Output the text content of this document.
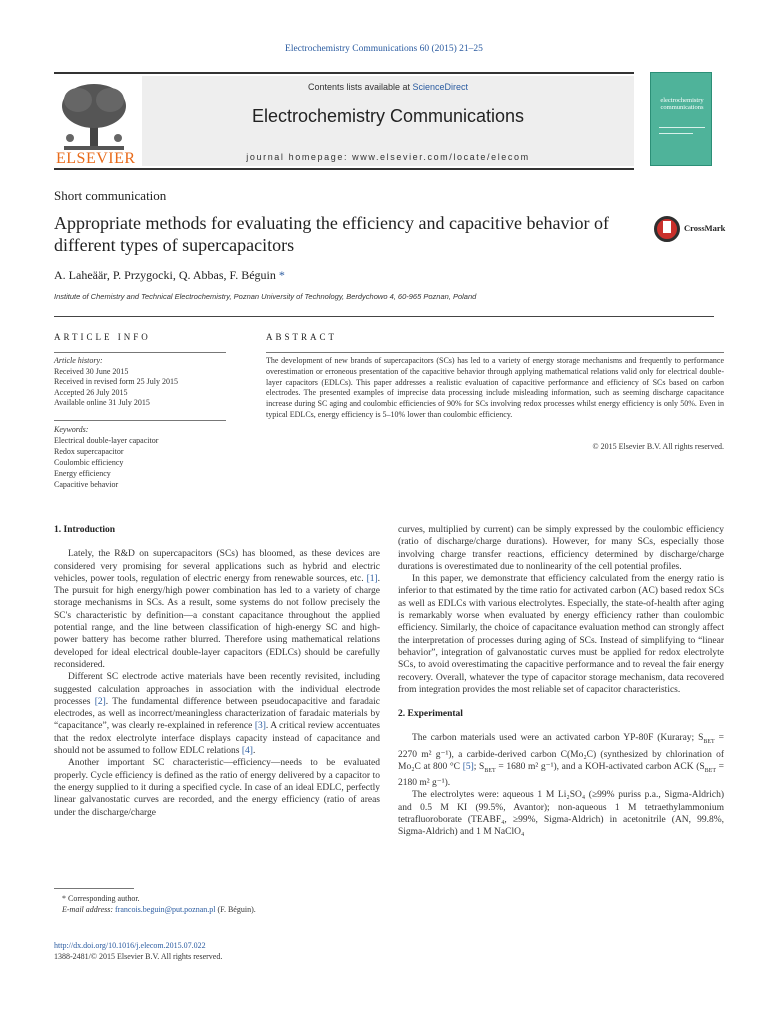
Electrochemistry Communications 60 (2015) 21–25
ELSEVIER
Contents lists available at ScienceDirect
Electrochemistry Communications
journal homepage: www.elsevier.com/locate/elecom
electrochemistry communications
Short communication
Appropriate methods for evaluating the efficiency and capacitive behavior of different types of supercapacitors
CrossMark
A. Laheäär, P. Przygocki, Q. Abbas, F. Béguin *
Institute of Chemistry and Technical Electrochemistry, Poznan University of Technology, Berdychowo 4, 60-965 Poznan, Poland
ARTICLE INFO	ABSTRACT
Article history:
Received 30 June 2015
Received in revised form 25 July 2015
Accepted 26 July 2015
Available online 31 July 2015
Keywords:
Electrical double-layer capacitor
Redox supercapacitor
Coulombic efficiency
Energy efficiency
Capacitive behavior
The development of new brands of supercapacitors (SCs) has led to a variety of energy storage mechanisms and frequently to performance overestimation or erroneous presentation of the capacitive behavior through applying mathematical relations valid only for electrical double-layer capacitors (EDLCs). This paper addresses a realistic evaluation of capacitive performance and efficiency of SCs based on carbon electrodes. The presented examples of imprecise data processing include misleading information, such as seeming discharge capacitance increase during SC aging and coulombic efficiencies of 90% for SCs involving redox processes whilst energy efficiency is only 50%. Even in typical EDLCs, energy efficiency is 5–10% lower than coulombic efficiency.
© 2015 Elsevier B.V. All rights reserved.
1. Introduction

Lately, the R&D on supercapacitors (SCs) has bloomed, as these devices are considered very promising for several applications such as hybrid and electric vehicles, power tools, regulation of electric energy from renewable sources, etc. [1]. The pursuit for high energy/high power combination has led to a variety of charge storage mechanisms in SCs. As a result, some systems do not follow precisely the SC's characteristic by definition—a constant capacitance throughout the applied potential range, and the line between classification of high-energy SC and high-power battery has become rather blurred. Therefore using mathematical relations developed for ideal electrical double-layer capacitors (EDLCs) should be carefully reconsidered.

Different SC electrode active materials have been recently revisited, including suggested calculation approaches in association with the individual electrode processes [2]. The fundamental difference between pseudocapacitive and faradaic electrodes, as well as incorrect/meaningless characterization of faradaic materials by “capacitance”, was clearly re-explained in reference [3]. A critical review accentuates that the redox electrolyte interface displays capacity instead of capacitance and should not be assumed to follow EDLC relations [4].

Another important SC characteristic—efficiency—needs to be evaluated properly. Cycle efficiency is defined as the ratio of energy delivered by a capacitor to the energy supplied to it during a specified cycle. In case of an ideal EDLC, perfectly linear galvanostatic curves are recorded, and the energy efficiency (ratio of areas under the discharge/charge

curves, multiplied by current) can be simply expressed by the coulombic efficiency (ratio of discharge/charge durations). However, for many SCs, especially those involving charge transfer reactions, efficiency determined by discharge/charge durations is overestimated due to nonlinearity of the cell potential profiles.

In this paper, we demonstrate that efficiency calculated from the energy ratio is inferior to that estimated by the time ratio for activated carbon (AC) based redox SCs as well as EDLCs with various electrolytes. Especially, the state-of-health after aging is remarkably worse when evaluated by energy efficiency rather than coulombic efficiency. Similarly, the choice of capacitance evaluation method can strongly affect the interpretation of processes during aging of SCs. Instead of simplifying to “linear behavior”, integration of galvanostatic curves must be applied for redox electrolyte SCs, to avoid overestimating the capacitive performance and to reveal the fair energy recovery. Overall, whatever the type of capacitor storage mechanism, data recovered from integration provides the most reliable set of capacitor characteristics.

2. Experimental

The carbon materials used were an activated carbon YP-80F (Kuraray; $S_{BET} = 2270$ m² g⁻¹), a carbide-derived carbon C(Mo₂C) (synthesized by chlorination of Mo₂C at 800 °C [5]; $S_{BET} = 1680$ m² g⁻¹), and a KOH-activated carbon ACK ($S_{BET} = 2180$ m² g⁻¹).

The electrolytes were: aqueous 1 M Li₂SO₄ (≥99% puriss p.a., Sigma-Aldrich) and 0.5 M KI (99.5%, Avantor); non-aqueous 1 M tetraethylammonium tetrafluoroborate (TEABF₄, ≥99%, Sigma-Aldrich) in acetonitrile (AN, 99.8%, Sigma-Aldrich) and 1 M NaClO₄

* Corresponding author.
E-mail address: francois.beguin@put.poznan.pl (F. Béguin).
http://dx.doi.org/10.1016/j.elecom.2015.07.022
1388-2481/© 2015 Elsevier B.V. All rights reserved.
